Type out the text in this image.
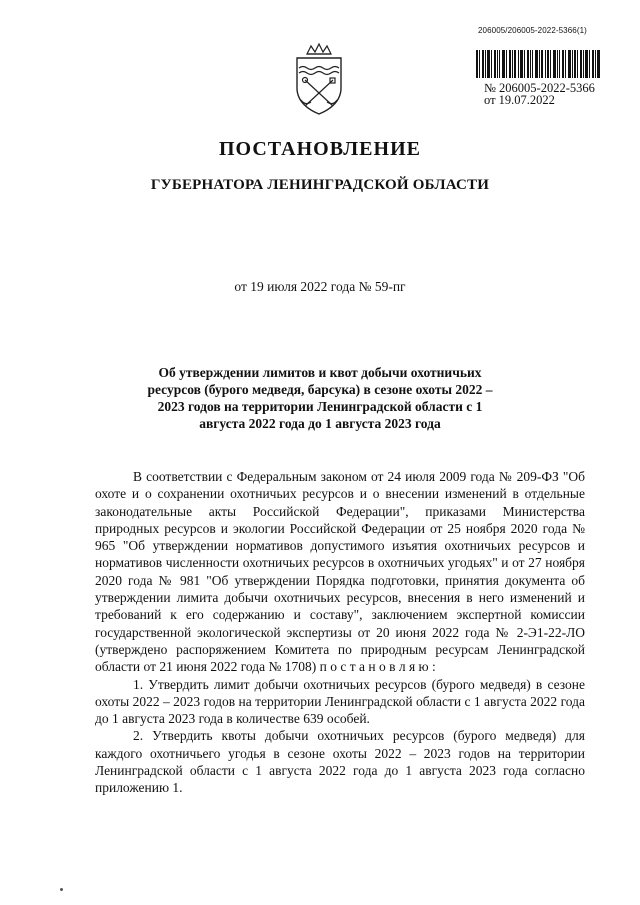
206005/206005-2022-5366(1)
№ 206005-2022-5366
от 19.07.2022
ПОСТАНОВЛЕНИЕ
ГУБЕРНАТОРА ЛЕНИНГРАДСКОЙ ОБЛАСТИ
от 19 июля 2022 года № 59-пг
Об утверждении лимитов и квот добычи охотничьих ресурсов (бурого медведя, барсука) в сезоне охоты 2022 – 2023 годов на территории Ленинградской области с 1 августа 2022 года до 1 августа 2023 года

В соответствии с Федеральным законом от 24 июля 2009 года № 209-ФЗ "Об охоте и о сохранении охотничьих ресурсов и о внесении изменений в отдельные законодательные акты Российской Федерации", приказами Министерства природных ресурсов и экологии Российской Федерации от 25 ноября 2020 года № 965 "Об утверждении нормативов допустимого изъятия охотничьих ресурсов и нормативов численности охотничьих ресурсов в охотничьих угодьях" и от 27 ноября 2020 года № 981 "Об утверждении Порядка подготовки, принятия документа об утверждении лимита добычи охотничьих ресурсов, внесения в него изменений и требований к его содержанию и составу", заключением экспертной комиссии государственной экологической экспертизы от 20 июня 2022 года № 2-Э1-22-ЛО (утверждено распоряжением Комитета по природным ресурсам Ленинградской области от 21 июня 2022 года № 1708) п о с т а н о в л я ю :

1. Утвердить лимит добычи охотничьих ресурсов (бурого медведя) в сезоне охоты 2022 – 2023 годов на территории Ленинградской области с 1 августа 2022 года до 1 августа 2023 года в количестве 639 особей.

2. Утвердить квоты добычи охотничьих ресурсов (бурого медведя) для каждого охотничьего угодья в сезоне охоты 2022 – 2023 годов на территории Ленинградской области с 1 августа 2022 года до 1 августа 2023 года согласно приложению 1.
